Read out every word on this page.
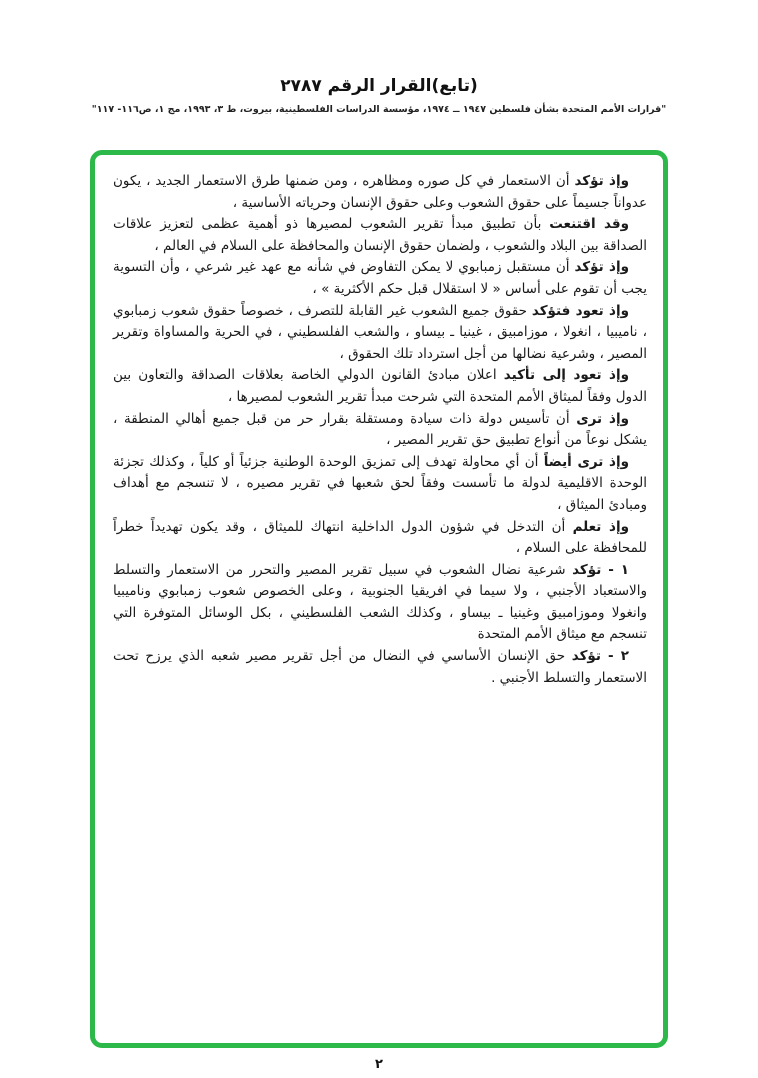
(تابع)القرار الرقم ٢٧٨٧
"قرارات الأمم المتحدة بشأن فلسطين ١٩٤٧ ــ ١٩٧٤، مؤسسة الدراسات الفلسطينية، بيروت، ط ٣، ١٩٩٣، مج ١، ص١١٦- ١١٧"

وإذ تؤكد أن الاستعمار في كل صوره ومظاهره ، ومن ضمنها طرق الاستعمار الجديد ، يكون عدواناً جسيماً على حقوق الشعوب وعلى حقوق الإنسان وحرياته الأساسية ،

وقد اقتنعت بأن تطبيق مبدأ تقرير الشعوب لمصيرها ذو أهمية عظمى لتعزيز علاقات الصداقة بين البلاد والشعوب ، ولضمان حقوق الإنسان والمحافظة على السلام في العالم ،

وإذ تؤكد أن مستقبل زمبابوي لا يمكن التفاوض في شأنه مع عهد غير شرعي ، وأن التسوية يجب أن تقوم على أساس « لا استقلال قبل حكم الأكثرية » ،

وإذ تعود فتؤكد حقوق جميع الشعوب غير القابلة للتصرف ، خصوصاً حقوق شعوب زمبابوي ، ناميبيا ، انغولا ، موزامبيق ، غينيا ـ بيساو ، والشعب الفلسطيني ، في الحرية والمساواة وتقرير المصير ، وشرعية نضالها من أجل استرداد تلك الحقوق ،

وإذ تعود إلى تأكيد اعلان مبادئ القانون الدولي الخاصة بعلاقات الصداقة والتعاون بين الدول وفقاً لميثاق الأمم المتحدة التي شرحت مبدأ تقرير الشعوب لمصيرها ،

وإذ ترى أن تأسيس دولة ذات سيادة ومستقلة بقرار حر من قبل جميع أهالي المنطقة ، يشكل نوعاً من أنواع تطبيق حق تقرير المصير ،

وإذ ترى أيضاً أن أي محاولة تهدف إلى تمزيق الوحدة الوطنية جزئياً أو كلياً ، وكذلك تجزئة الوحدة الاقليمية لدولة ما تأسست وفقاً لحق شعبها في تقرير مصيره ، لا تنسجم مع أهداف ومبادئ الميثاق ،

وإذ تعلم أن التدخل في شؤون الدول الداخلية انتهاك للميثاق ، وقد يكون تهديداً خطراً للمحافظة على السلام ،

١ - تؤكد شرعية نضال الشعوب في سبيل تقرير المصير والتحرر من الاستعمار والتسلط والاستعباد الأجنبي ، ولا سيما في افريقيا الجنوبية ، وعلى الخصوص شعوب زمبابوي وناميبيا وانغولا وموزامبيق وغينيا ـ بيساو ، وكذلك الشعب الفلسطيني ، بكل الوسائل المتوفرة التي تنسجم مع ميثاق الأمم المتحدة

٢ - تؤكد حق الإنسان الأساسي في النضال من أجل تقرير مصير شعبه الذي يرزح تحت الاستعمار والتسلط الأجنبي .

٢
